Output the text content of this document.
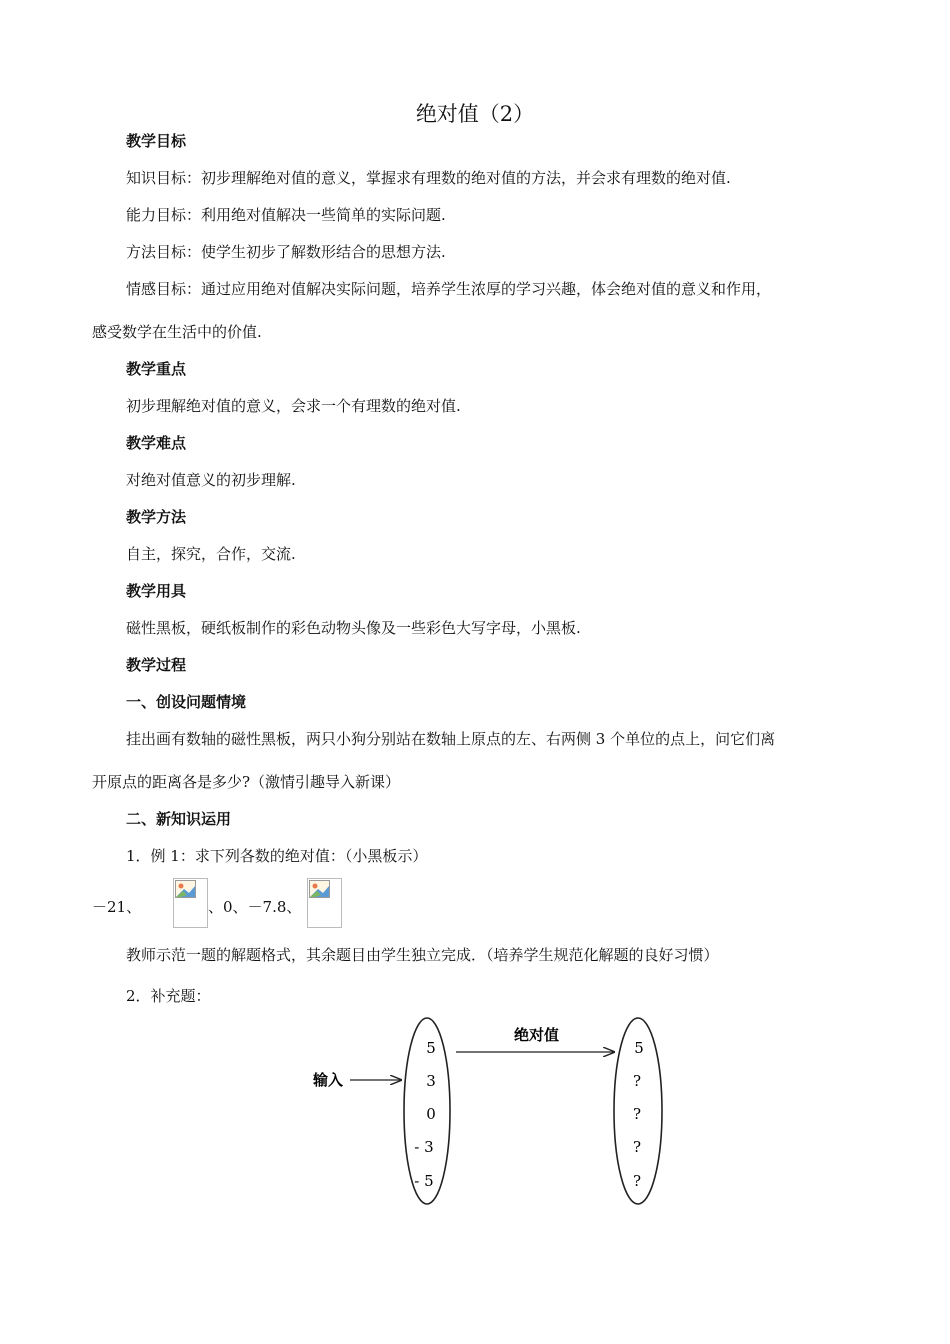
绝对值（2）
教学目标
知识目标：初步理解绝对值的意义，掌握求有理数的绝对值的方法，并会求有理数的绝对值.
能力目标：利用绝对值解决一些简单的实际问题.
方法目标：使学生初步了解数形结合的思想方法.
情感目标：通过应用绝对值解决实际问题，培养学生浓厚的学习兴趣，体会绝对值的意义和作用，
感受数学在生活中的价值.
教学重点
初步理解绝对值的意义，会求一个有理数的绝对值.
教学难点
对绝对值意义的初步理解.
教学方法
自主，探究，合作，交流.
教学用具
磁性黑板，硬纸板制作的彩色动物头像及一些彩色大写字母，小黑板.
教学过程
一、创设问题情境
挂出画有数轴的磁性黑板，两只小狗分别站在数轴上原点的左、右两侧 3 个单位的点上，问它们离
开原点的距离各是多少?（激情引趣导入新课）
二、新知识运用
1．例 1：求下列各数的绝对值：（小黑板示）
－21、	、0、－7.8、
教师示范一题的解题格式，其余题目由学生独立完成．（培养学生规范化解题的良好习惯）
2．补充题：
输入
绝对值
5
3
0
- 3
- 5
5
?
?
?
?
